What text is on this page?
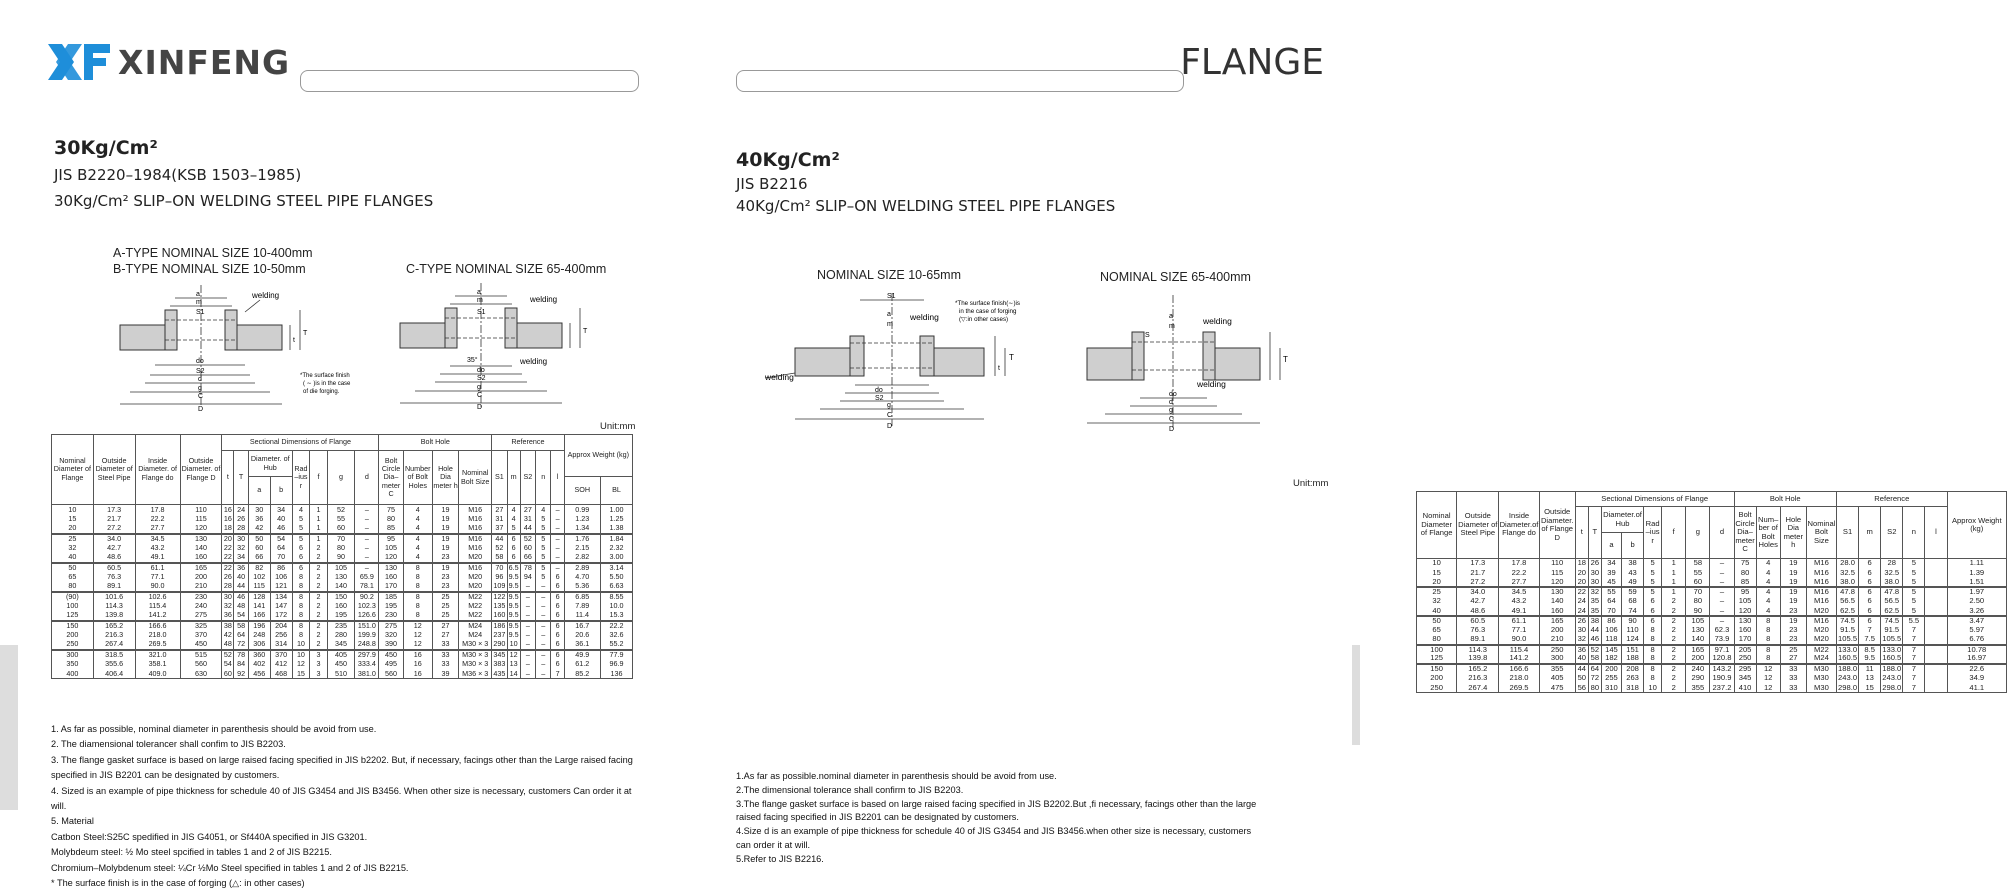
XINFENG
30Kg/Cm²
JIS B2220–1984(KSB 1503–1985)
30Kg/Cm² SLIP–ON WELDING STEEL PIPE FLANGES
A-TYPE NOMINAL SIZE 10-400mm
B-TYPE NOMINAL SIZE 10-50mm	C-TYPE NOMINAL SIZE 65-400mm
a
m
S1
do
S2
d
g
C
D
T
t
welding
*The surface finish
( ∼ )is in the case
of die forging.
a
m
S1
35°
do
S2
g
C
D
T
welding
welding
Unit:mm
Nominal Diameter of Flange	Outside Diameter of Steel Pipe	Inside Diameter. of Flange do	Outside Diameter. of Flange D	Sectional Dimensions of Flange								Bolt Hole				Reference					Approx Weight (kg)	
				t	T	Diameter. of Hub		Rad –ius r	f	g	d	Bolt Circle Dia– meter C	Number of Bolt Holes	Hole Dia meter h	Nominal Bolt Size	S1	m	S2	n	l		
						a	b														SOH	BL
10	17.3	17.8	110	16	24	30	34	4	1	52	–	75	4	19	M16	27	4	27	4	–	0.99	1.00
15	21.7	22.2	115	16	26	36	40	5	1	55	–	80	4	19	M16	31	4	31	5	–	1.23	1.25
20	27.2	27.7	120	18	28	42	46	5	1	60	–	85	4	19	M16	37	5	44	5	–	1.34	1.38
25	34.0	34.5	130	20	30	50	54	5	1	70	–	95	4	19	M16	44	6	52	5	–	1.76	1.84
32	42.7	43.2	140	22	32	60	64	6	2	80	–	105	4	19	M16	52	6	60	5	–	2.15	2.32
40	48.6	49.1	160	22	34	66	70	6	2	90	–	120	4	23	M20	58	6	66	5	–	2.82	3.00
50	60.5	61.1	165	22	36	82	86	6	2	105	–	130	8	19	M16	70	6.5	78	5	–	2.89	3.14
65	76.3	77.1	200	26	40	102	106	8	2	130	65.9	160	8	23	M20	96	9.5	94	5	6	4.70	5.50
80	89.1	90.0	210	28	44	115	121	8	2	140	78.1	170	8	23	M20	109	9.5	–	–	6	5.36	6.63
(90)	101.6	102.6	230	30	46	128	134	8	2	150	90.2	185	8	25	M22	122	9.5	–	–	6	6.85	8.55
100	114.3	115.4	240	32	48	141	147	8	2	160	102.3	195	8	25	M22	135	9.5	–	–	6	7.89	10.0
125	139.8	141.2	275	36	54	166	172	8	2	195	126.6	230	8	25	M22	160	9.5	–	–	6	11.4	15.3
150	165.2	166.6	325	38	58	196	204	8	2	235	151.0	275	12	27	M24	186	9.5	–	–	6	16.7	22.2
200	216.3	218.0	370	42	64	248	256	8	2	280	199.9	320	12	27	M24	237	9.5	–	–	6	20.6	32.6
250	267.4	269.5	450	48	72	306	314	10	2	345	248.8	390	12	33	M30 × 3	290	10	–	–	6	36.1	55.2
300	318.5	321.0	515	52	78	360	370	10	3	405	297.9	450	16	33	M30 × 3	345	12	–	–	6	49.9	77.9
350	355.6	358.1	560	54	84	402	412	12	3	450	333.4	495	16	33	M30 × 3	383	13	–	–	6	61.2	96.9
400	406.4	409.0	630	60	92	456	468	15	3	510	381.0	560	16	39	M36 × 3	435	14	–	–	7	85.2	136
1. As far as possible, nominal diameter in parenthesis should be avoid from use.
2. The diamensional tolerancer shall confim to JIS B2203.
3. The flange gasket surface is based on large raised facing specified in JIS b2202. But, if necessary, facings other than the Large raised facing
specified in JIS B2201 can be designated by customers.
4. Sized is an example of pipe thickness for schedule 40 of JIS G3454 and JIS B3456. When other size is necessary, customers Can order it at
will.
5. Material
Catbon Steel:S25C spedified in JIS G4051, or Sf440A specified in JIS G3201.
Molybdeum steel: ½ Mo steel spcified in tables 1 and 2 of JIS B2215.
Chromium–Molybdenum steel: ¼Cr ½Mo Steel specified in tables 1 and 2 of JIS B2215.
* The surface finish is in the case of forging (△: in other cases)
FLANGE
40Kg/Cm²
JIS B2216
40Kg/Cm² SLIP–ON WELDING STEEL PIPE FLANGES
NOMINAL SIZE 10-65mm	NOMINAL SIZE 65-400mm
S1
a
m
do
S2
g
C
D
T
t
welding
welding
*The surface finish(∼)is
in the case of forging
(▽:in other cases)	a
m
S
do
d
g
C
D
T
welding
welding
Unit:mm
Nominal Diameter of Flange	Outside Diameter of Steel Pipe	Inside Diameter.of Flange do	Outside Diameter. of Flange D	Sectional Dimensions of Flange								Bolt Hole				Reference					Approx Weight (kg)
				t	T	Diameter.of Hub		Rad –ius r	f	g	d	Bolt Circle Dia– meter C	Num– ber of Bolt Holes	Hole Dia meter h	Nominal Bolt Size	S1	m	S2	n	l	
						a	b														
10	17.3	17.8	110	18	26	34	38	5	1	58	–	75	4	19	M16	28.0	6	28	5		1.11
15	21.7	22.2	115	20	30	39	43	5	1	55	–	80	4	19	M16	32.5	6	32.5	5		1.39
20	27.2	27.7	120	20	30	45	49	5	1	60	–	85	4	19	M16	38.0	6	38.0	5		1.51
25	34.0	34.5	130	22	32	55	59	5	1	70	–	95	4	19	M16	47.8	6	47.8	5		1.97
32	42.7	43.2	140	24	35	64	68	6	2	80	–	105	4	19	M16	56.5	6	56.5	5		2.50
40	48.6	49.1	160	24	35	70	74	6	2	90	–	120	4	23	M20	62.5	6	62.5	5		3.26
50	60.5	61.1	165	26	38	86	90	6	2	105	–	130	8	19	M16	74.5	6	74.5	5.5		3.47
65	76.3	77.1	200	30	44	106	110	8	2	130	62.3	160	8	23	M20	91.5	7	91.5	7		5.97
80	89.1	90.0	210	32	46	118	124	8	2	140	73.9	170	8	23	M20	105.5	7.5	105.5	7		6.76
100	114.3	115.4	250	36	52	145	151	8	2	165	97.1	205	8	25	M22	133.0	8.5	133.0	7		10.78
125	139.8	141.2	300	40	58	182	188	8	2	200	120.8	250	8	27	M24	160.5	9.5	160.5	7		16.97
150	165.2	166.6	355	44	64	200	208	8	2	240	143.2	295	12	33	M30	188.0	11	188.0	7		22.6
200	216.3	218.0	405	50	72	255	263	8	2	290	190.9	345	12	33	M30	243.0	13	243.0	7		34.9
250	267.4	269.5	475	56	80	310	318	10	2	355	237.2	410	12	33	M30	298.0	15	298.0	7		41.1
1.As far as possible.nominal diameter in parenthesis should be avoid from use.
2.The dimensional tolerance shall confirm to JIS B2203.
3.The flange gasket surface is based on large raised facing specified in JIS B2202.But ,fi necessary, facings other than the large
raised facing specified in JIS B2201 can be designated by customers.
4.Size d is an example of pipe thickness for schedule 40 of JIS G3454 and JIS B3456.when other size is necessary, customers
can order it at will.
5.Refer to JIS B2216.
